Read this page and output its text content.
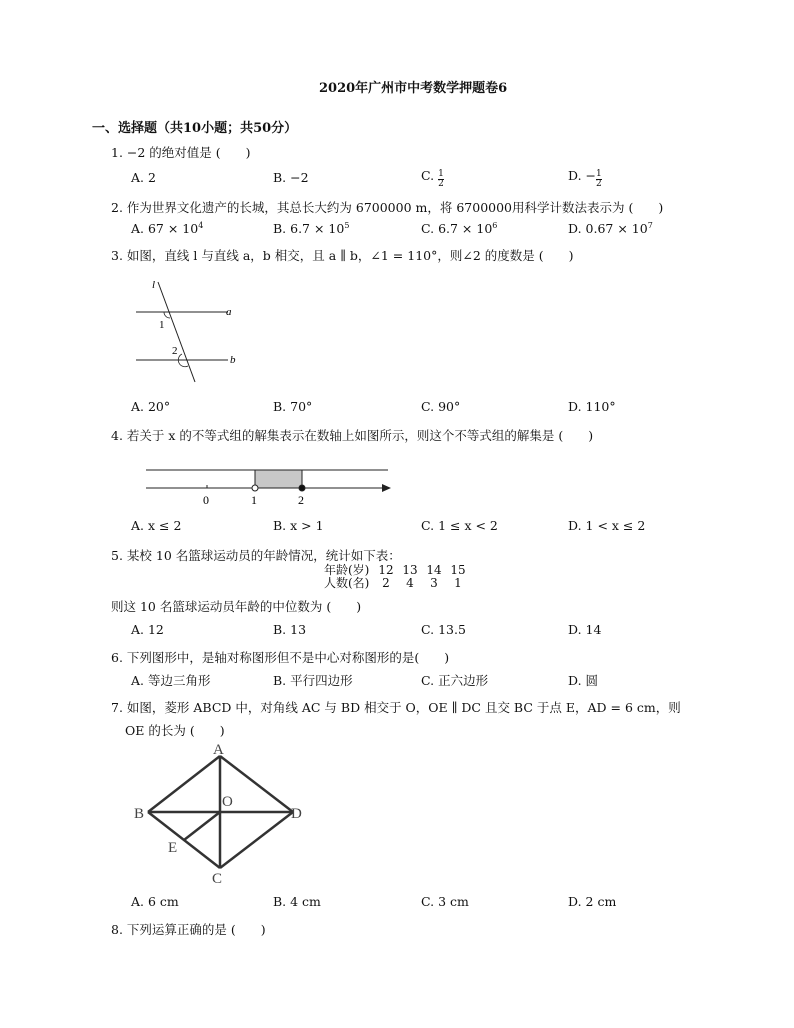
2020年广州市中考数学押题卷6
一、选择题（共10小题；共50分）
1. −2 的绝对值是 (　　)
A. 2	B. −2	C. $\frac{1}{2}$	D. − $\frac{1}{2}$
2. 作为世界文化遗产的长城，其总长大约为 6700000 m，将 6700000用科学计数法表示为 (　　)
A. $67 \times 10^4$	B. $6.7 \times 10^5$	C. $6.7 \times 10^6$	D. $0.67 \times 10^7$
3. 如图，直线 l 与直线 a，b 相交，且 a ∥ b，∠1 = 110°，则∠2 的度数是 (　　)
l
a
b
1
2
A. 20°	B. 70°	C. 90°	D. 110°
4. 若关于 x 的不等式组的解集表示在数轴上如图所示，则这个不等式组的解集是 (　　)
0	1	2
A. x ≤ 2	B. x > 1	C. 1 ≤ x < 2	D. 1 < x ≤ 2
5. 某校 10 名篮球运动员的年龄情况，统计如下表：
年龄(岁) 12 13 14 15
人数(名) 2 4 3 1
则这 10 名篮球运动员年龄的中位数为 (　　)
A. 12	B. 13	C. 13.5	D. 14
6. 下列图形中，是轴对称图形但不是中心对称图形的是(　　)
A. 等边三角形	B. 平行四边形	C. 正六边形	D. 圆
7. 如图，菱形 ABCD 中，对角线 AC 与 BD 相交于 O，OE ∥ DC 且交 BC 于点 E，AD = 6 cm，则
OE 的长为 (　　)
A
B
C
D
O
E
A. 6 cm	B. 4 cm	C. 3 cm	D. 2 cm
8. 下列运算正确的是 (　　)
